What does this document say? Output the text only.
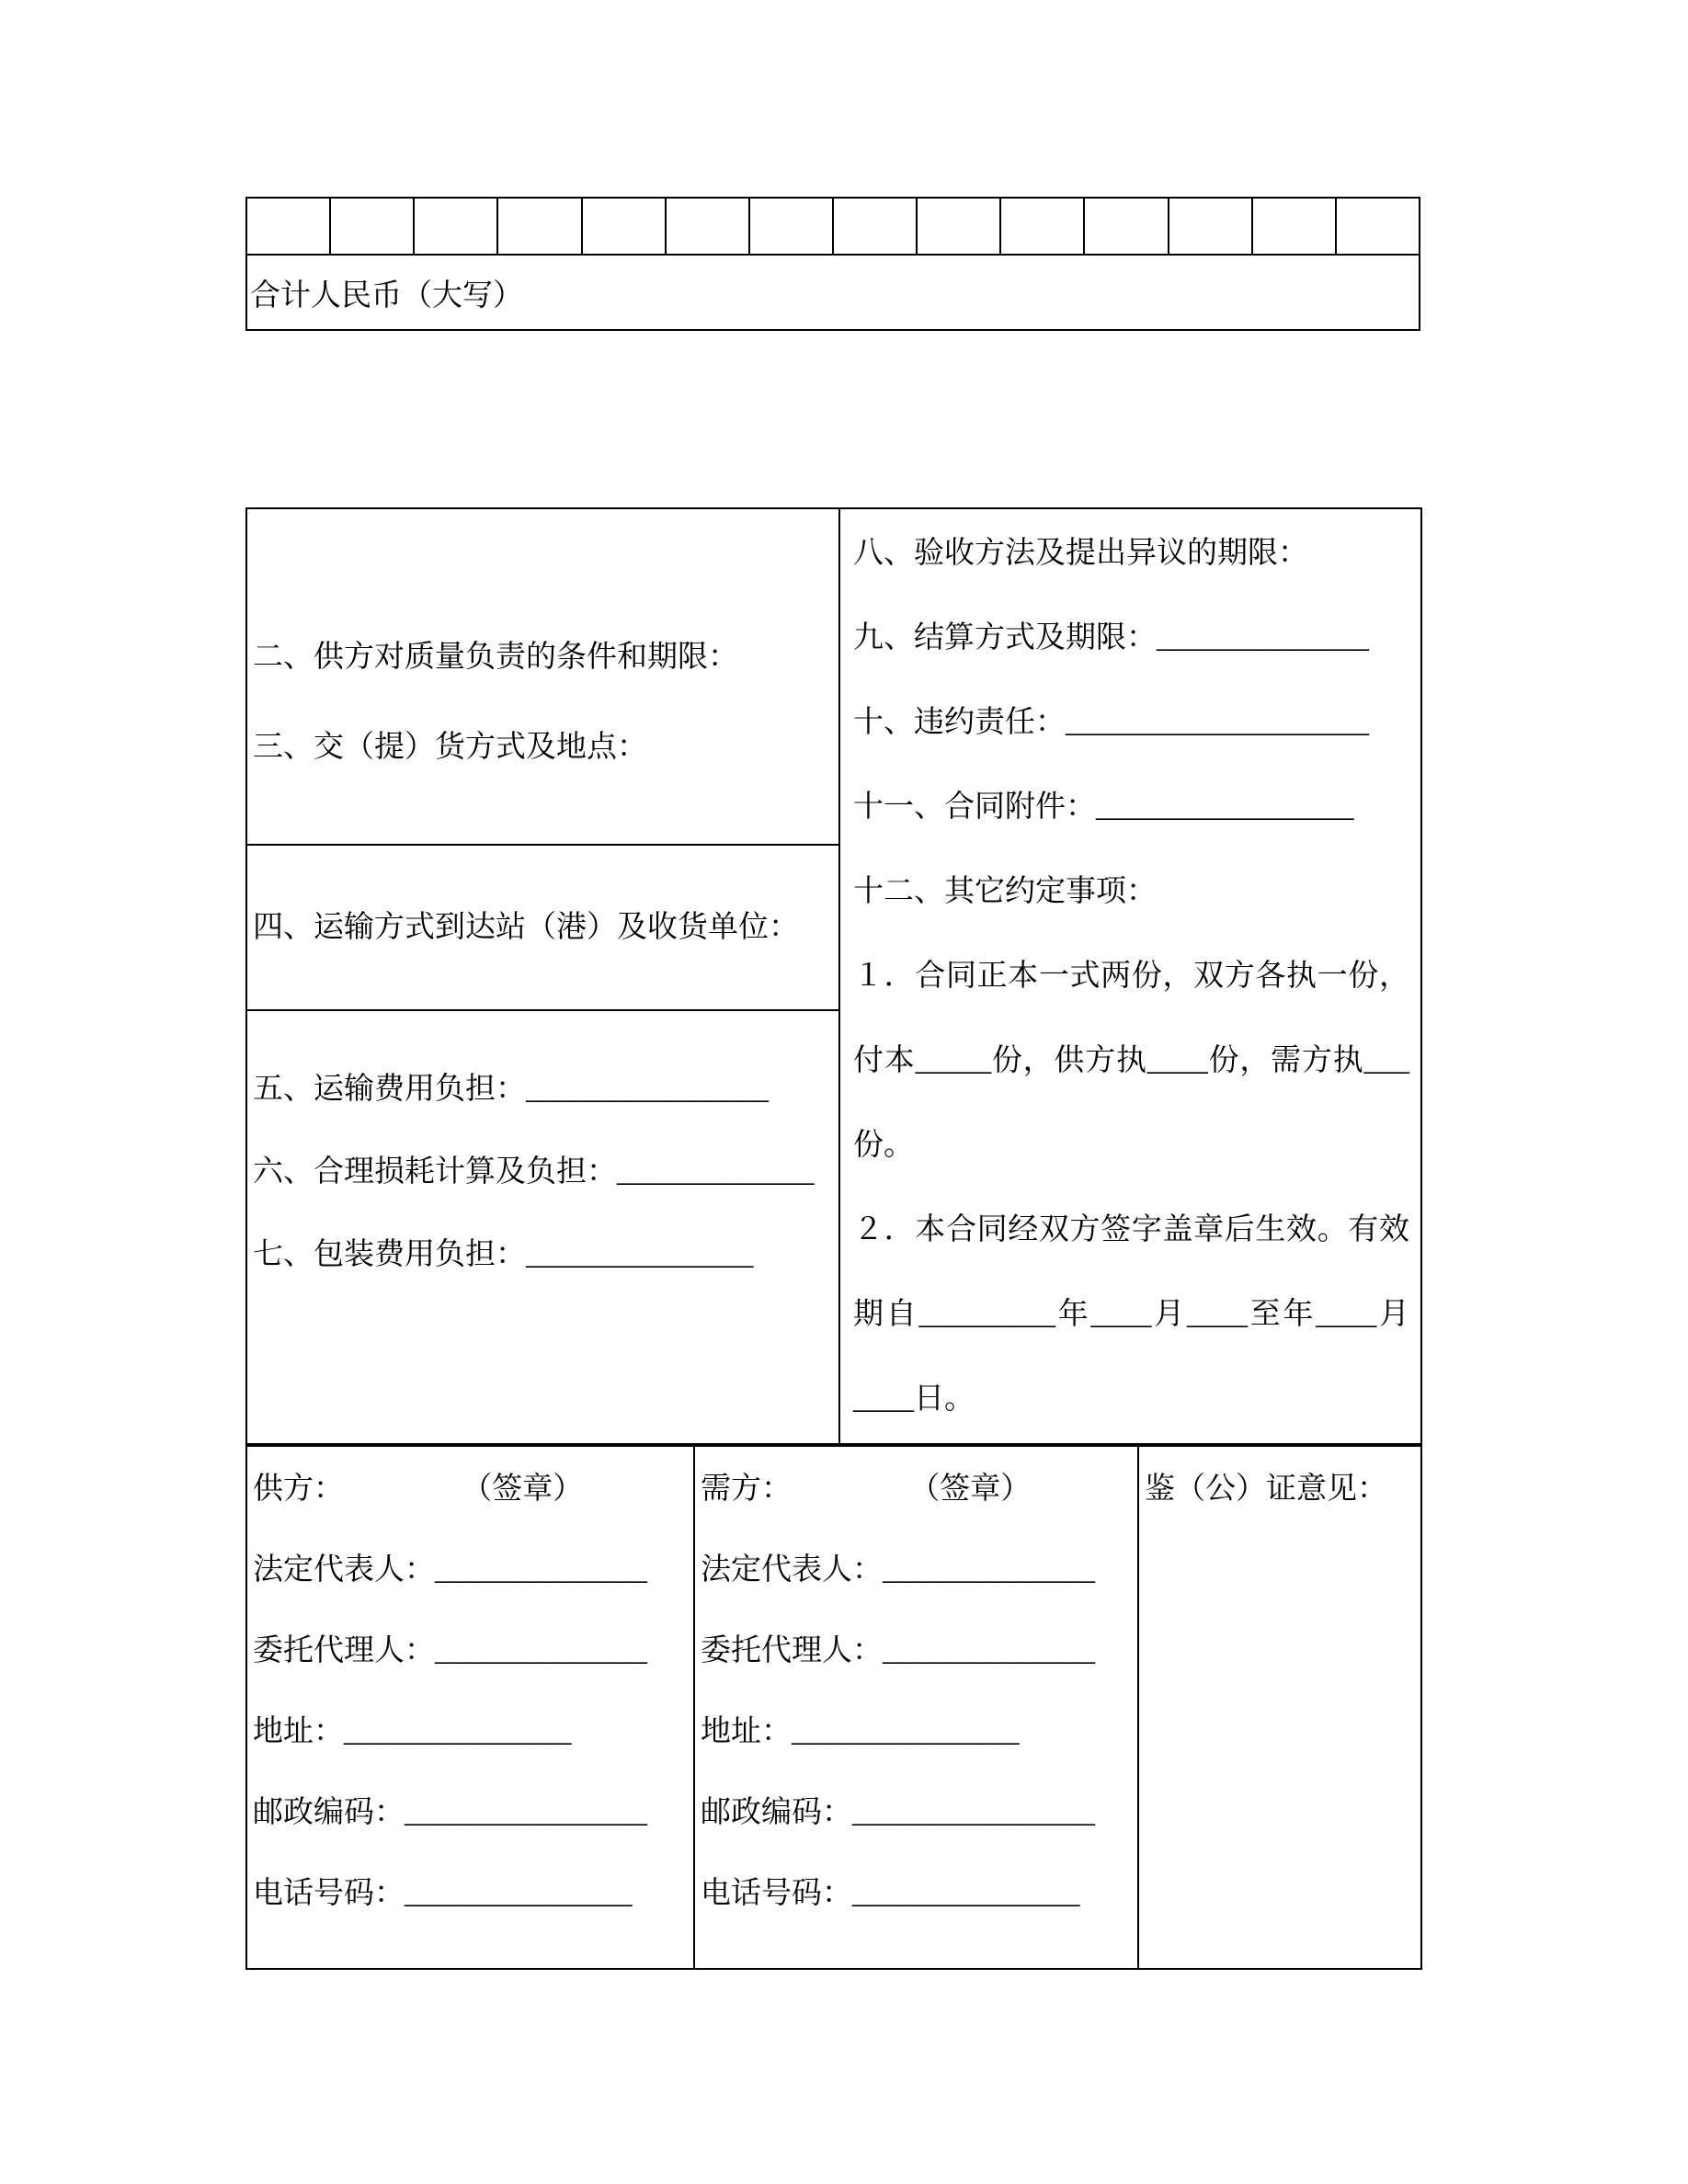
合计人民币（大写）

二、供方对质量负责的条件和期限：

三、交（提）货方式及地点：

八、验收方法及提出异议的期限：

九、结算方式及期限：______________

十、违约责任：____________________

十一、合同附件：_________________

十二、其它约定事项：

１．合同正本一式两份，双方各执一份，付本_____份，供方执____份，需方执___份。

２．本合同经双方签字盖章后生效。有效期自_________年____月____至年____月____日。

四、运输方式到达站（港）及收货单位：

五、运输费用负担：________________

六、合理损耗计算及负担：_____________

七、包装费用负担：_______________

供方：	（签章）

法定代表人：______________

委托代理人：______________

地址：_______________

邮政编码：________________

电话号码：_______________

需方：	（签章）

法定代表人：______________

委托代理人：______________

地址：_______________

邮政编码：________________

电话号码：_______________

鉴（公）证意见：
